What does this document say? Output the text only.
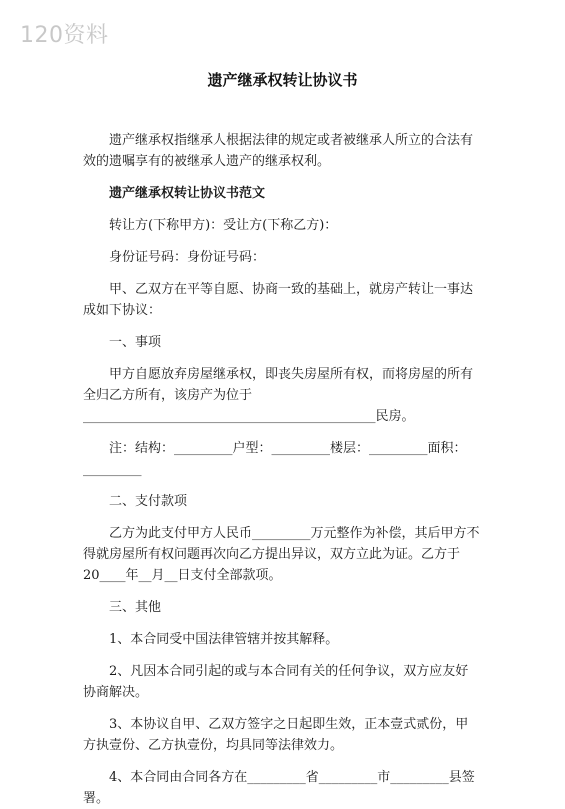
120资料
遗产继承权转让协议书

遗产继承权指继承人根据法律的规定或者被继承人所立的合法有效的遗嘱享有的被继承人遗产的继承权利。

遗产继承权转让协议书范文

转让方(下称甲方)：受让方(下称乙方)：

身份证号码：身份证号码：

甲、乙双方在平等自愿、协商一致的基础上，就房产转让一事达成如下协议：

一、事项

甲方自愿放弃房屋继承权，即丧失房屋所有权，而将房屋的所有全归乙方所有，该房产为位于

_____________________________________________民房。

注：结构：_________户型：_________楼层：_________面积：_________

二、支付款项

乙方为此支付甲方人民币_________万元整作为补偿，其后甲方不得就房屋所有权问题再次向乙方提出异议，双方立此为证。乙方于20____年__月__日支付全部款项。

三、其他

1、本合同受中国法律管辖并按其解释。

2、凡因本合同引起的或与本合同有关的任何争议，双方应友好协商解决。

3、本协议自甲、乙双方签字之日起即生效，正本壹式贰份，甲方执壹份、乙方执壹份，均具同等法律效力。

4、本合同由合同各方在_________省_________市_________县签署。
